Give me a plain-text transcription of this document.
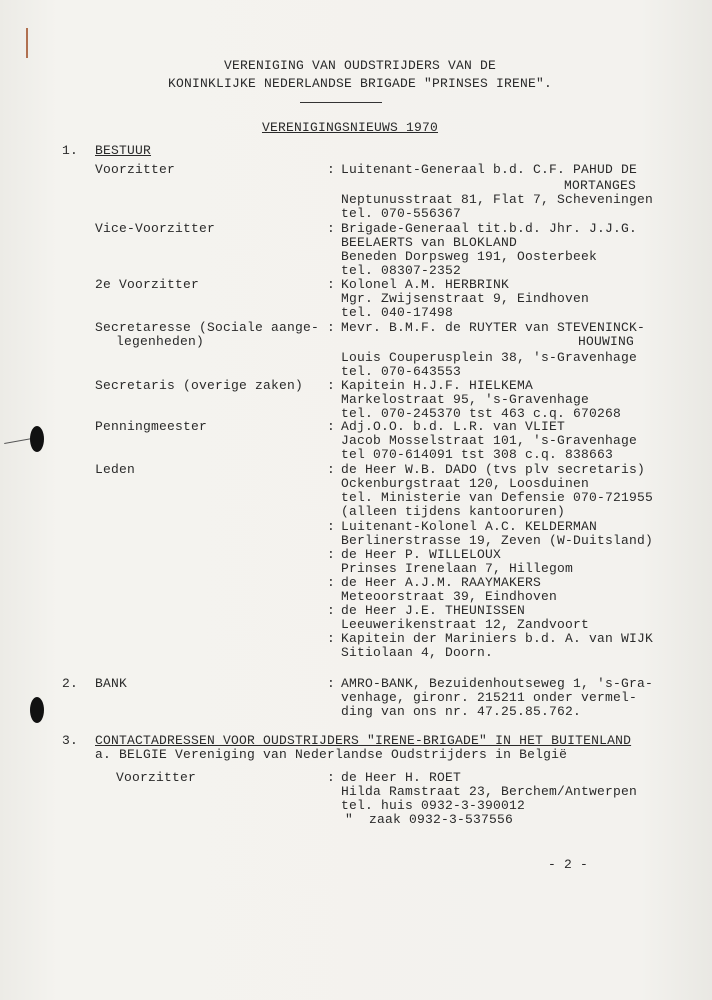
VERENIGING VAN OUDSTRIJDERS VAN DE
KONINKLIJKE NEDERLANDSE BRIGADE "PRINSES IRENE".
VERENIGINGSNIEUWS 1970
1. BESTUUR
Voorzitter	: Luitenant-Generaal b.d. C.F. PAHUD DE
MORTANGES
Neptunusstraat 81, Flat 7, Scheveningen
tel. 070-556367
Vice-Voorzitter	: Brigade-Generaal tit.b.d. Jhr. J.J.G.
BEELAERTS van BLOKLAND
Beneden Dorpsweg 191, Oosterbeek
tel. 08307-2352
2e Voorzitter	: Kolonel A.M. HERBRINK
Mgr. Zwijsenstraat 9, Eindhoven
tel. 040-17498
Secretaresse (Sociale aange-
legenheden)
: Mevr. B.M.F. de RUYTER van STEVENINCK-
HOUWING
Louis Couperusplein 38, 's-Gravenhage
tel. 070-643553
Secretaris (overige zaken) : Kapitein H.J.F. HIELKEMA
Markelostraat 95, 's-Gravenhage
tel. 070-245370 tst 463 c.q. 670268
Penningmeester	: Adj.O.O. b.d. L.R. van VLIET
Jacob Mosselstraat 101, 's-Gravenhage
tel 070-614091 tst 308 c.q. 838663
Leden	: de Heer W.B. DADO (tvs plv secretaris)
Ockenburgstraat 120, Loosduinen
tel. Ministerie van Defensie 070-721955
(alleen tijdens kantooruren)
: Luitenant-Kolonel A.C. KELDERMAN
Berlinerstrasse 19, Zeven (W-Duitsland)
: de Heer P. WILLELOUX
Prinses Irenelaan 7, Hillegom
: de Heer A.J.M. RAAYMAKERS
Meteoorstraat 39, Eindhoven
: de Heer J.E. THEUNISSEN
Leeuwerikenstraat 12, Zandvoort
: Kapitein der Mariniers b.d. A. van WIJK
Sitiolaan 4, Doorn.
2. BANK	: AMRO-BANK, Bezuidenhoutseweg 1, 's-Gra-
venhage, gironr. 215211 onder vermel-
ding van ons nr. 47.25.85.762.
3. CONTACTADRESSEN VOOR OUDSTRIJDERS "IRENE-BRIGADE" IN HET BUITENLAND
a. BELGIE Vereniging van Nederlandse Oudstrijders in België
Voorzitter	: de Heer H. ROET
Hilda Ramstraat 23, Berchem/Antwerpen
tel. huis 0932-3-390012
"  zaak 0932-3-537556
- 2 -
